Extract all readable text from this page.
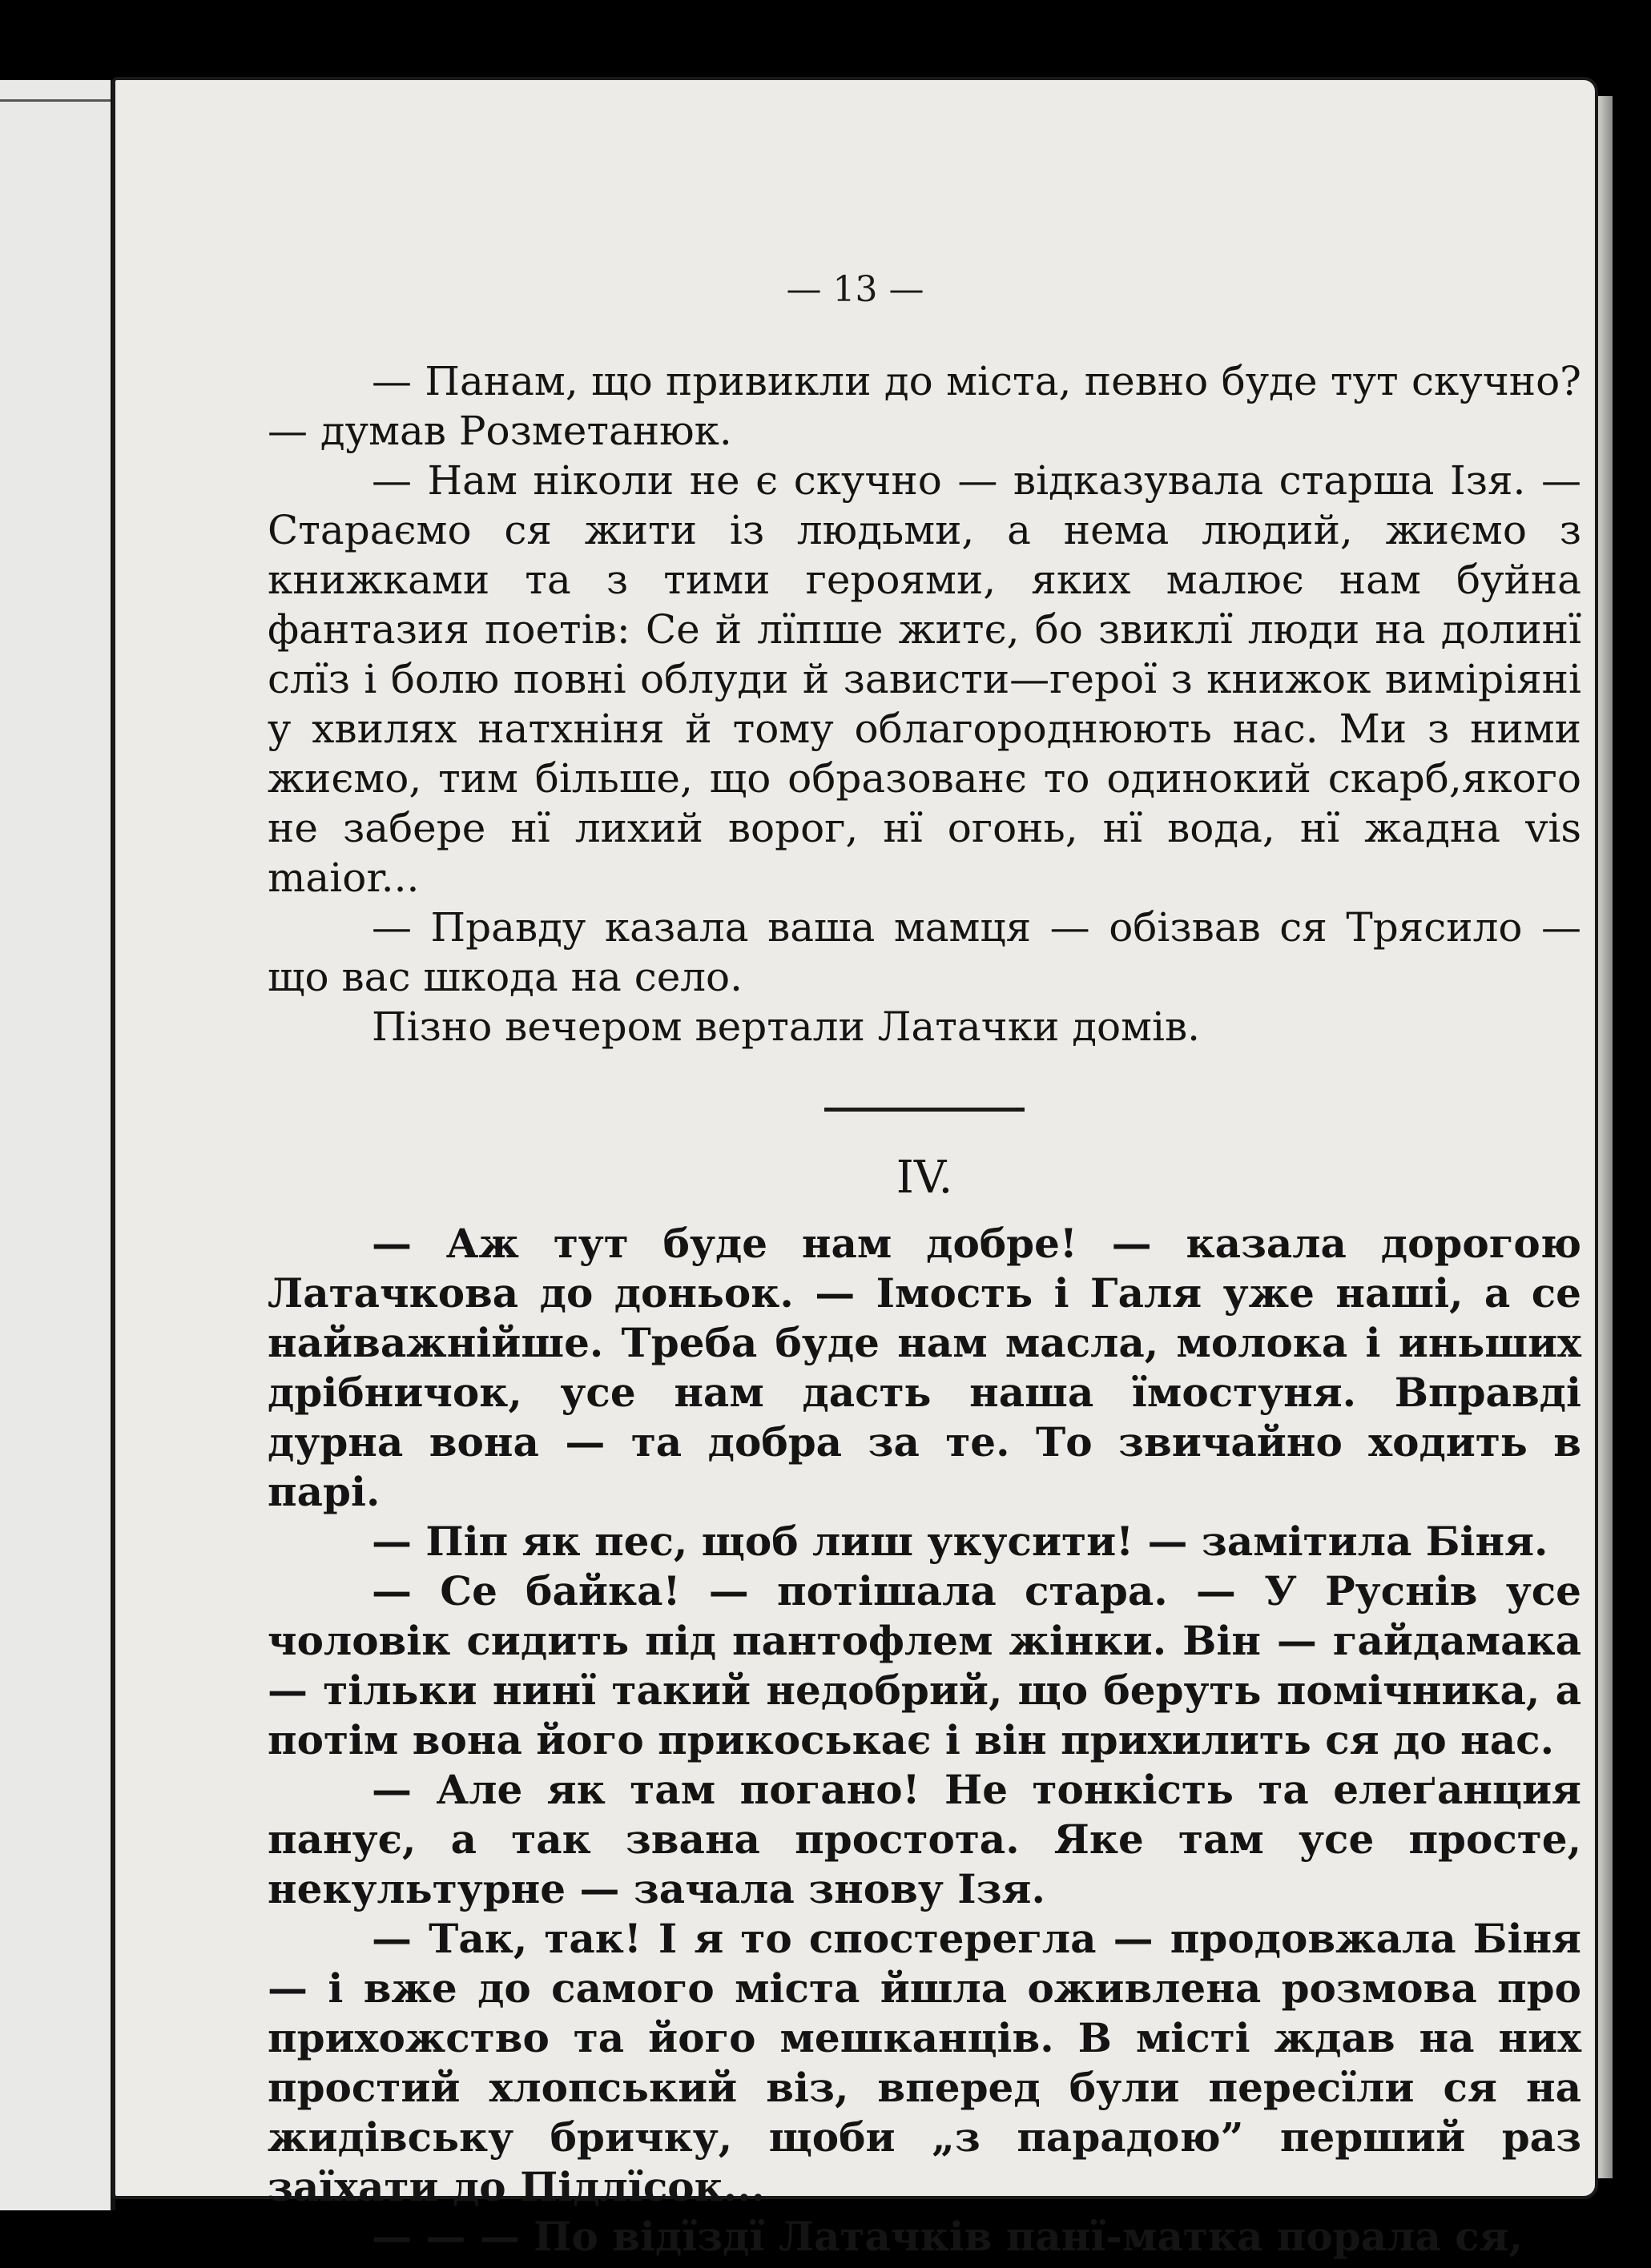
— 13 —

— Панам, що привикли до міста, певно буде тут скучно? — думав Розметанюк.

— Нам ніколи не є скучно — відказувала старша Ізя. — Стараємо ся жити із людьми, а нема людий, жиємо з книжками та з тими героями, яких малює нам буйна фантазия поетів: Се й лїпше житє, бо звиклї люди на долинї слїз і болю повні облуди й зависти—герої з книжок виміріяні у хвилях натхніня й тому облагороднюють нас. Ми з ними жиємо, тим більше, що образованє то одинокий скарб,якого не забере нї лихий ворог, нї огонь, нї вода, нї жадна vis maior...

— Правду казала ваша мамця — обізвав ся Трясило — що вас шкода на село.

Пізно вечером вертали Латачки домів.

IV.

— Аж тут буде нам добре! — казала дорогою Латачкова до доньок. — Імость і Галя уже наші, а се найважнійше. Треба буде нам масла, молока і иньших дрібничок, усе нам дасть наша їмостуня. Вправді дурна вона — та добра за те. То звичайно ходить в парі.

— Піп як пес, щоб лиш укусити! — замітила Біня.

— Се байка! — потішала стара. — У Руснів усе чоловік сидить під пантофлем жінки. Він — гайдамака — тільки нинї такий недобрий, що беруть помічника, а потім вона його прикоськає і він прихилить ся до нас.

— Але як там погано! Не тонкість та елеґанция панує, а так звана простота. Яке там усе просте, некультурне — зачала знову Ізя.

— Так, так! І я то спостерегла — продовжала Біня— і вже до самого міста йшла оживлена розмова про прихожство та його мешканців. В місті ждав на них простий хлопський віз, вперед були пересїли ся на жидівську бричку, щоби „з парадою” перший раз заїхати до Підлїсок...

— — — По відїздї Латачків панї-матка порала ся,
